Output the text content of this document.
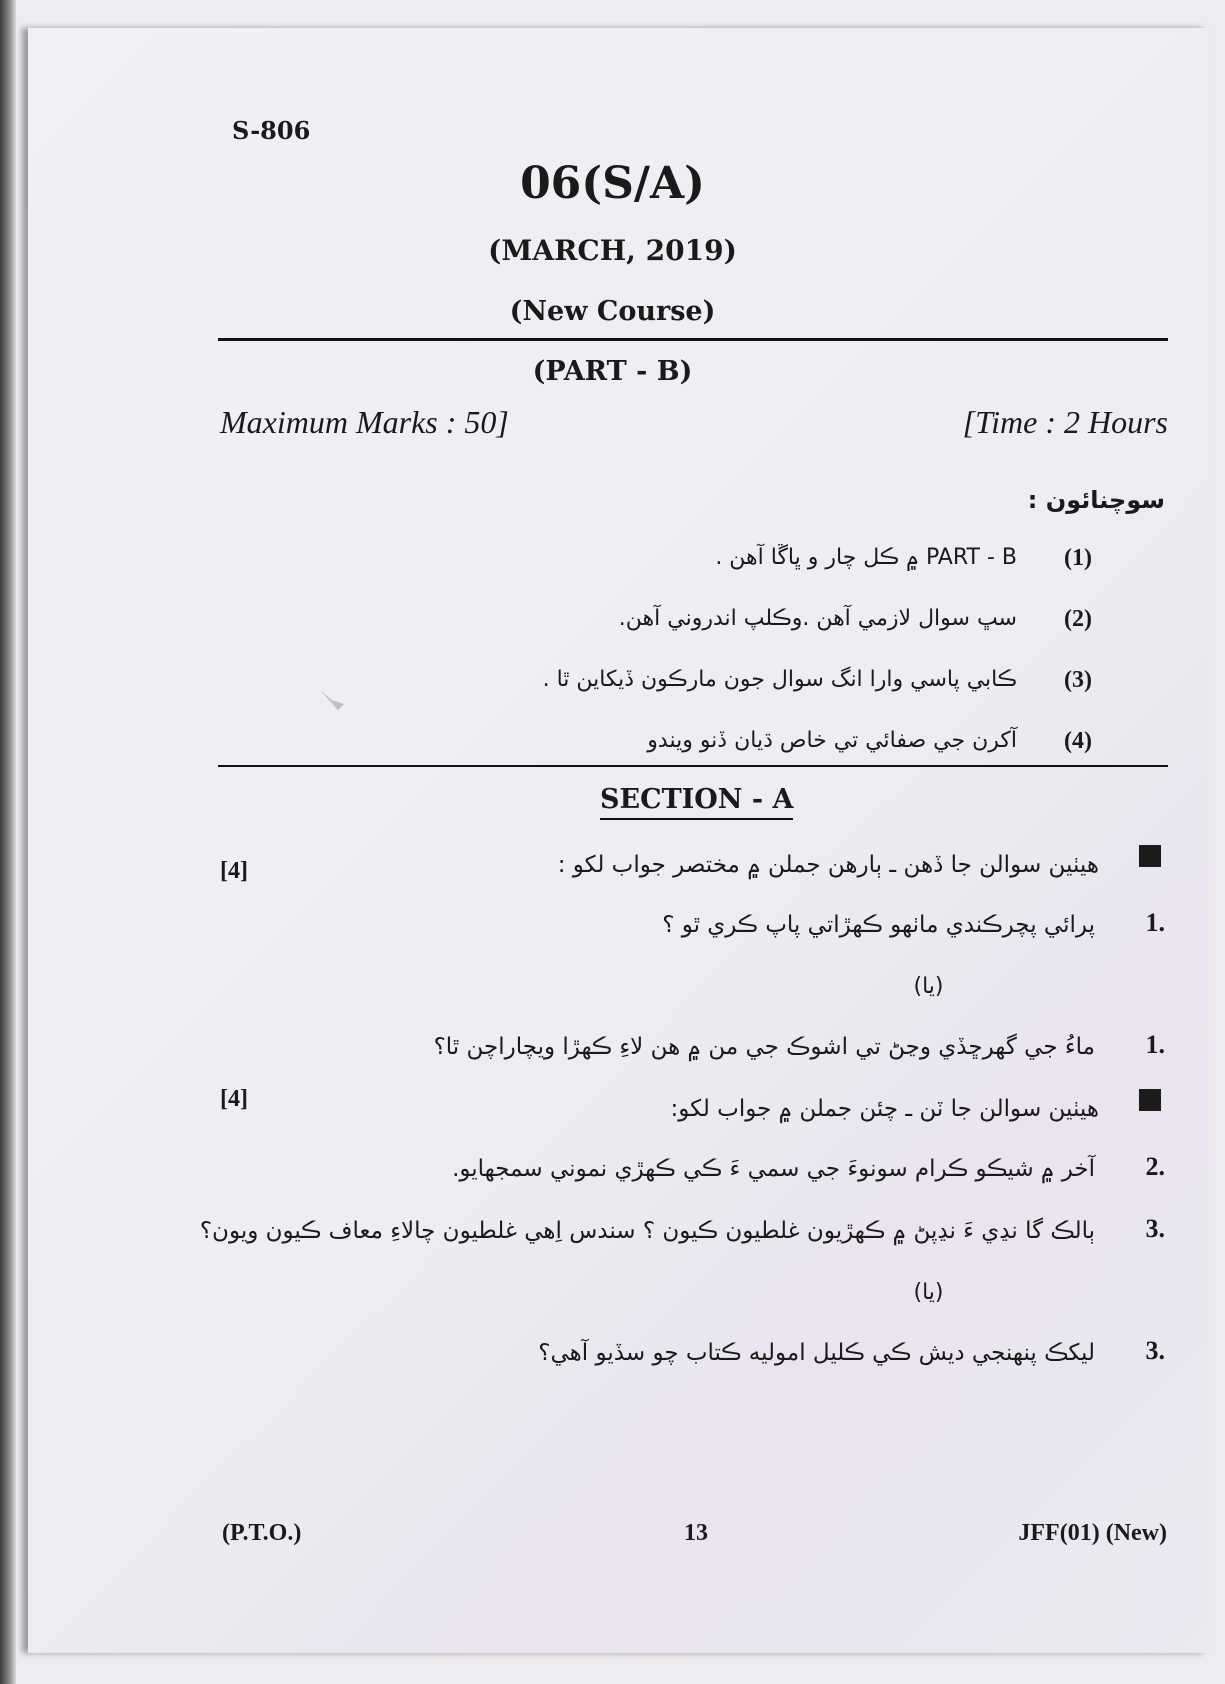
S-806
06(S/A)
(MARCH, 2019)
(New Course)
(PART - B)
Maximum Marks : 50]	[Time : 2 Hours
سوچنائون :
(1)
PART - B ۾ ڪل چار و ڀاڱا آهن .
(2)
سڀ سوال لازمي آهن .وڪلپ اندروني آهن.
(3)
ڪابي پاسي وارا انگ سوال جون مارڪون ڏيکاين ٿا .
(4)
آکرن جي صفائي تي خاص ڌيان ڏنو ويندو
SECTION - A
هيٺين سوالن جا ڏهن ـ ٻارهن جملن ۾ مختصر جواب لکو :
[4]
1.
پرائي پچرڪندي ماٺهو ڪهڙاتي پاپ ڪري ٿو ؟
(يا)
1.
ماءُ جي گهرڇڏي وڃڻ تي اشوڪ جي من ۾ هن لاءِ ڪهڙا ويچاراچن ٿا؟
[4]	هيٺين سوالن جا ٽن ـ چئن جملن ۾ جواب لکو:
2.
آخر ۾ شيڪو ڪرام سونوءَ جي سمي ءَ ڪي ڪهڙي نموني سمجهايو.
3.
ٻالڪ گا نڍي ءَ نڍپڻ ۾ ڪهڙيون غلطيون ڪيون ؟ سندس اِهي غلطيون چالاءِ معاف ڪيون ويون؟
(يا)
3.
ليکڪ پنهنجي ديش ڪي ڪليل اموليه ڪتاب چو سڏيو آهي؟
(P.T.O.)	13	JFF(01) (New)
